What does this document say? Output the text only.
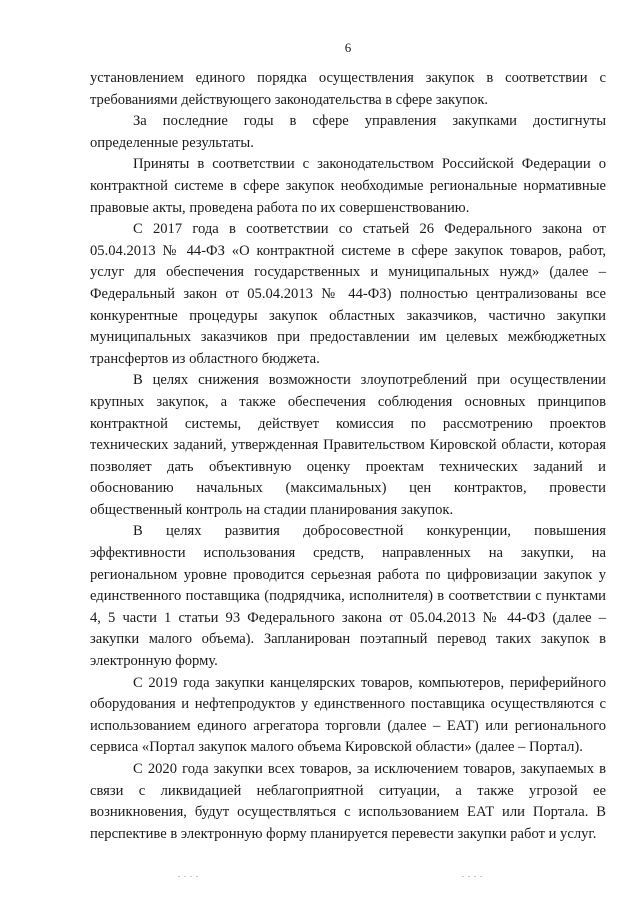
6

установлением единого порядка осуществления закупок в соответствии с требованиями действующего законодательства в сфере закупок.

За последние годы в сфере управления закупками достигнуты определенные результаты.

Приняты в соответствии с законодательством Российской Федерации о контрактной системе в сфере закупок необходимые региональные нормативные правовые акты, проведена работа по их совершенствованию.

С 2017 года в соответствии со статьей 26 Федерального закона от 05.04.2013 № 44-ФЗ «О контрактной системе в сфере закупок товаров, работ, услуг для обеспечения государственных и муниципальных нужд» (далее – Федеральный закон от 05.04.2013 № 44-ФЗ) полностью централизованы все конкурентные процедуры закупок областных заказчиков, частично закупки муниципальных заказчиков при предоставлении им целевых межбюджетных трансфертов из областного бюджета.

В целях снижения возможности злоупотреблений при осуществлении крупных закупок, а также обеспечения соблюдения основных принципов контрактной системы, действует комиссия по рассмотрению проектов технических заданий, утвержденная Правительством Кировской области, которая позволяет дать объективную оценку проектам технических заданий и обоснованию начальных (максимальных) цен контрактов, провести общественный контроль на стадии планирования закупок.

В целях развития добросовестной конкуренции, повышения эффективности использования средств, направленных на закупки, на региональном уровне проводится серьезная работа по цифровизации закупок у единственного поставщика (подрядчика, исполнителя) в соответствии с пунктами 4, 5 части 1 статьи 93 Федерального закона от 05.04.2013 № 44-ФЗ (далее – закупки малого объема). Запланирован поэтапный перевод таких закупок в электронную форму.

С 2019 года закупки канцелярских товаров, компьютеров, периферийного оборудования и нефтепродуктов у единственного поставщика осуществляются с использованием единого агрегатора торговли (далее – ЕАТ) или регионального сервиса «Портал закупок малого объема Кировской области» (далее – Портал).

С 2020 года закупки всех товаров, за исключением товаров, закупаемых в связи с ликвидацией неблагоприятной ситуации, а также угрозой ее возникновения, будут осуществляться с использованием ЕАТ или Портала. В перспективе в электронную форму планируется перевести закупки работ и услуг.

. . . .	. . . .
